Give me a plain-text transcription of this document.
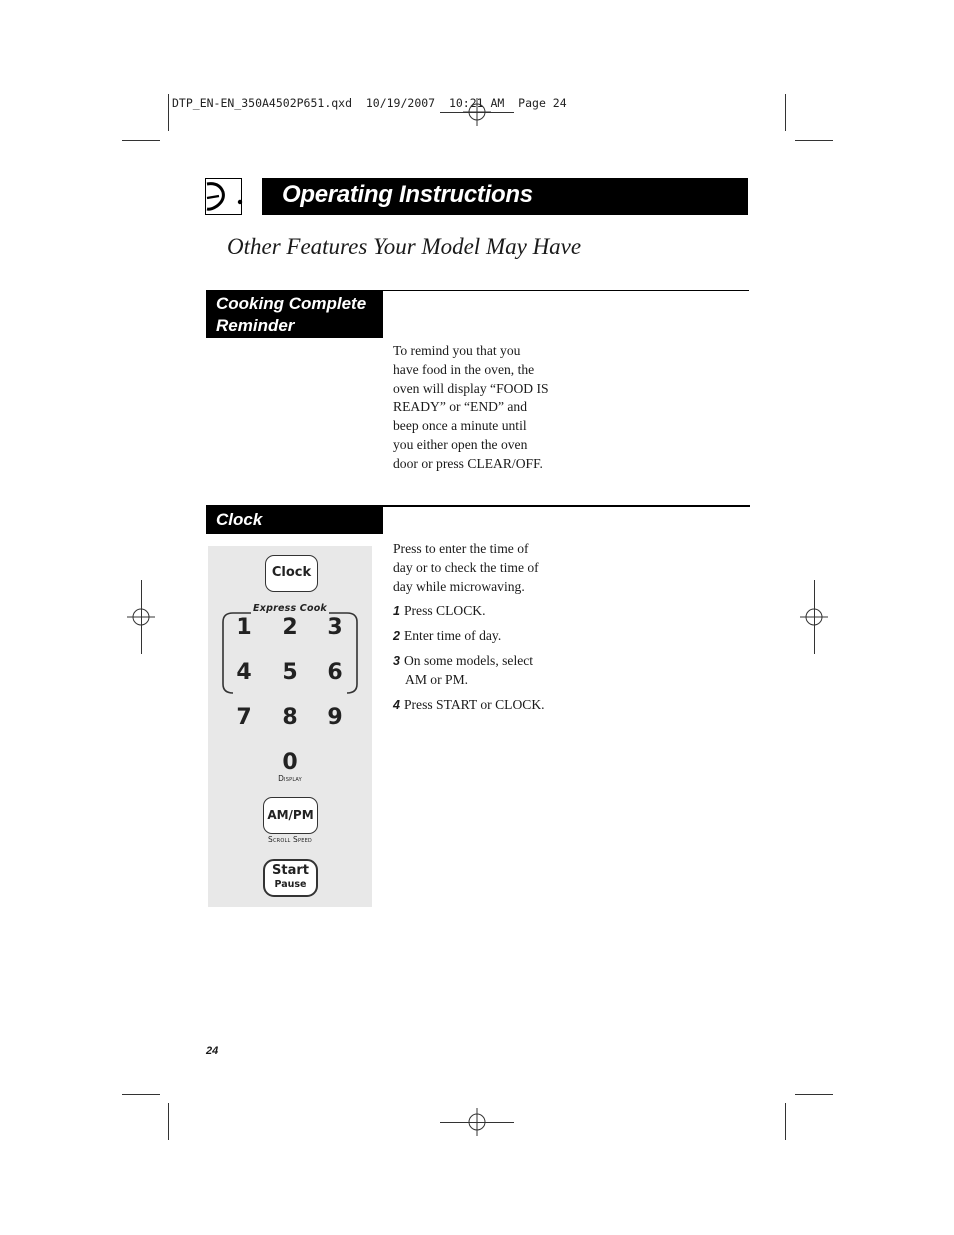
DTP_EN-EN_350A4502P651.qxd  10/19/2007  10:21 AM  Page 24
Operating Instructions
Other Features Your Model May Have
Cooking Complete
Reminder
To remind you that you
have food in the oven, the
oven will display “FOOD IS
READY” or “END” and
beep once a minute until
you either open the oven
door or press CLEAR/OFF.
Clock
Press to enter the time of
day or to check the time of
day while microwaving.
1 Press CLOCK.
2 Enter time of day.
3 On some models, select
AM or PM.
4 Press START or CLOCK.
Clock
Express Cook
1	2	3
4	5	6
7	8	9
0
Display
AM/PM
Scroll Speed
Start
Pause
24
